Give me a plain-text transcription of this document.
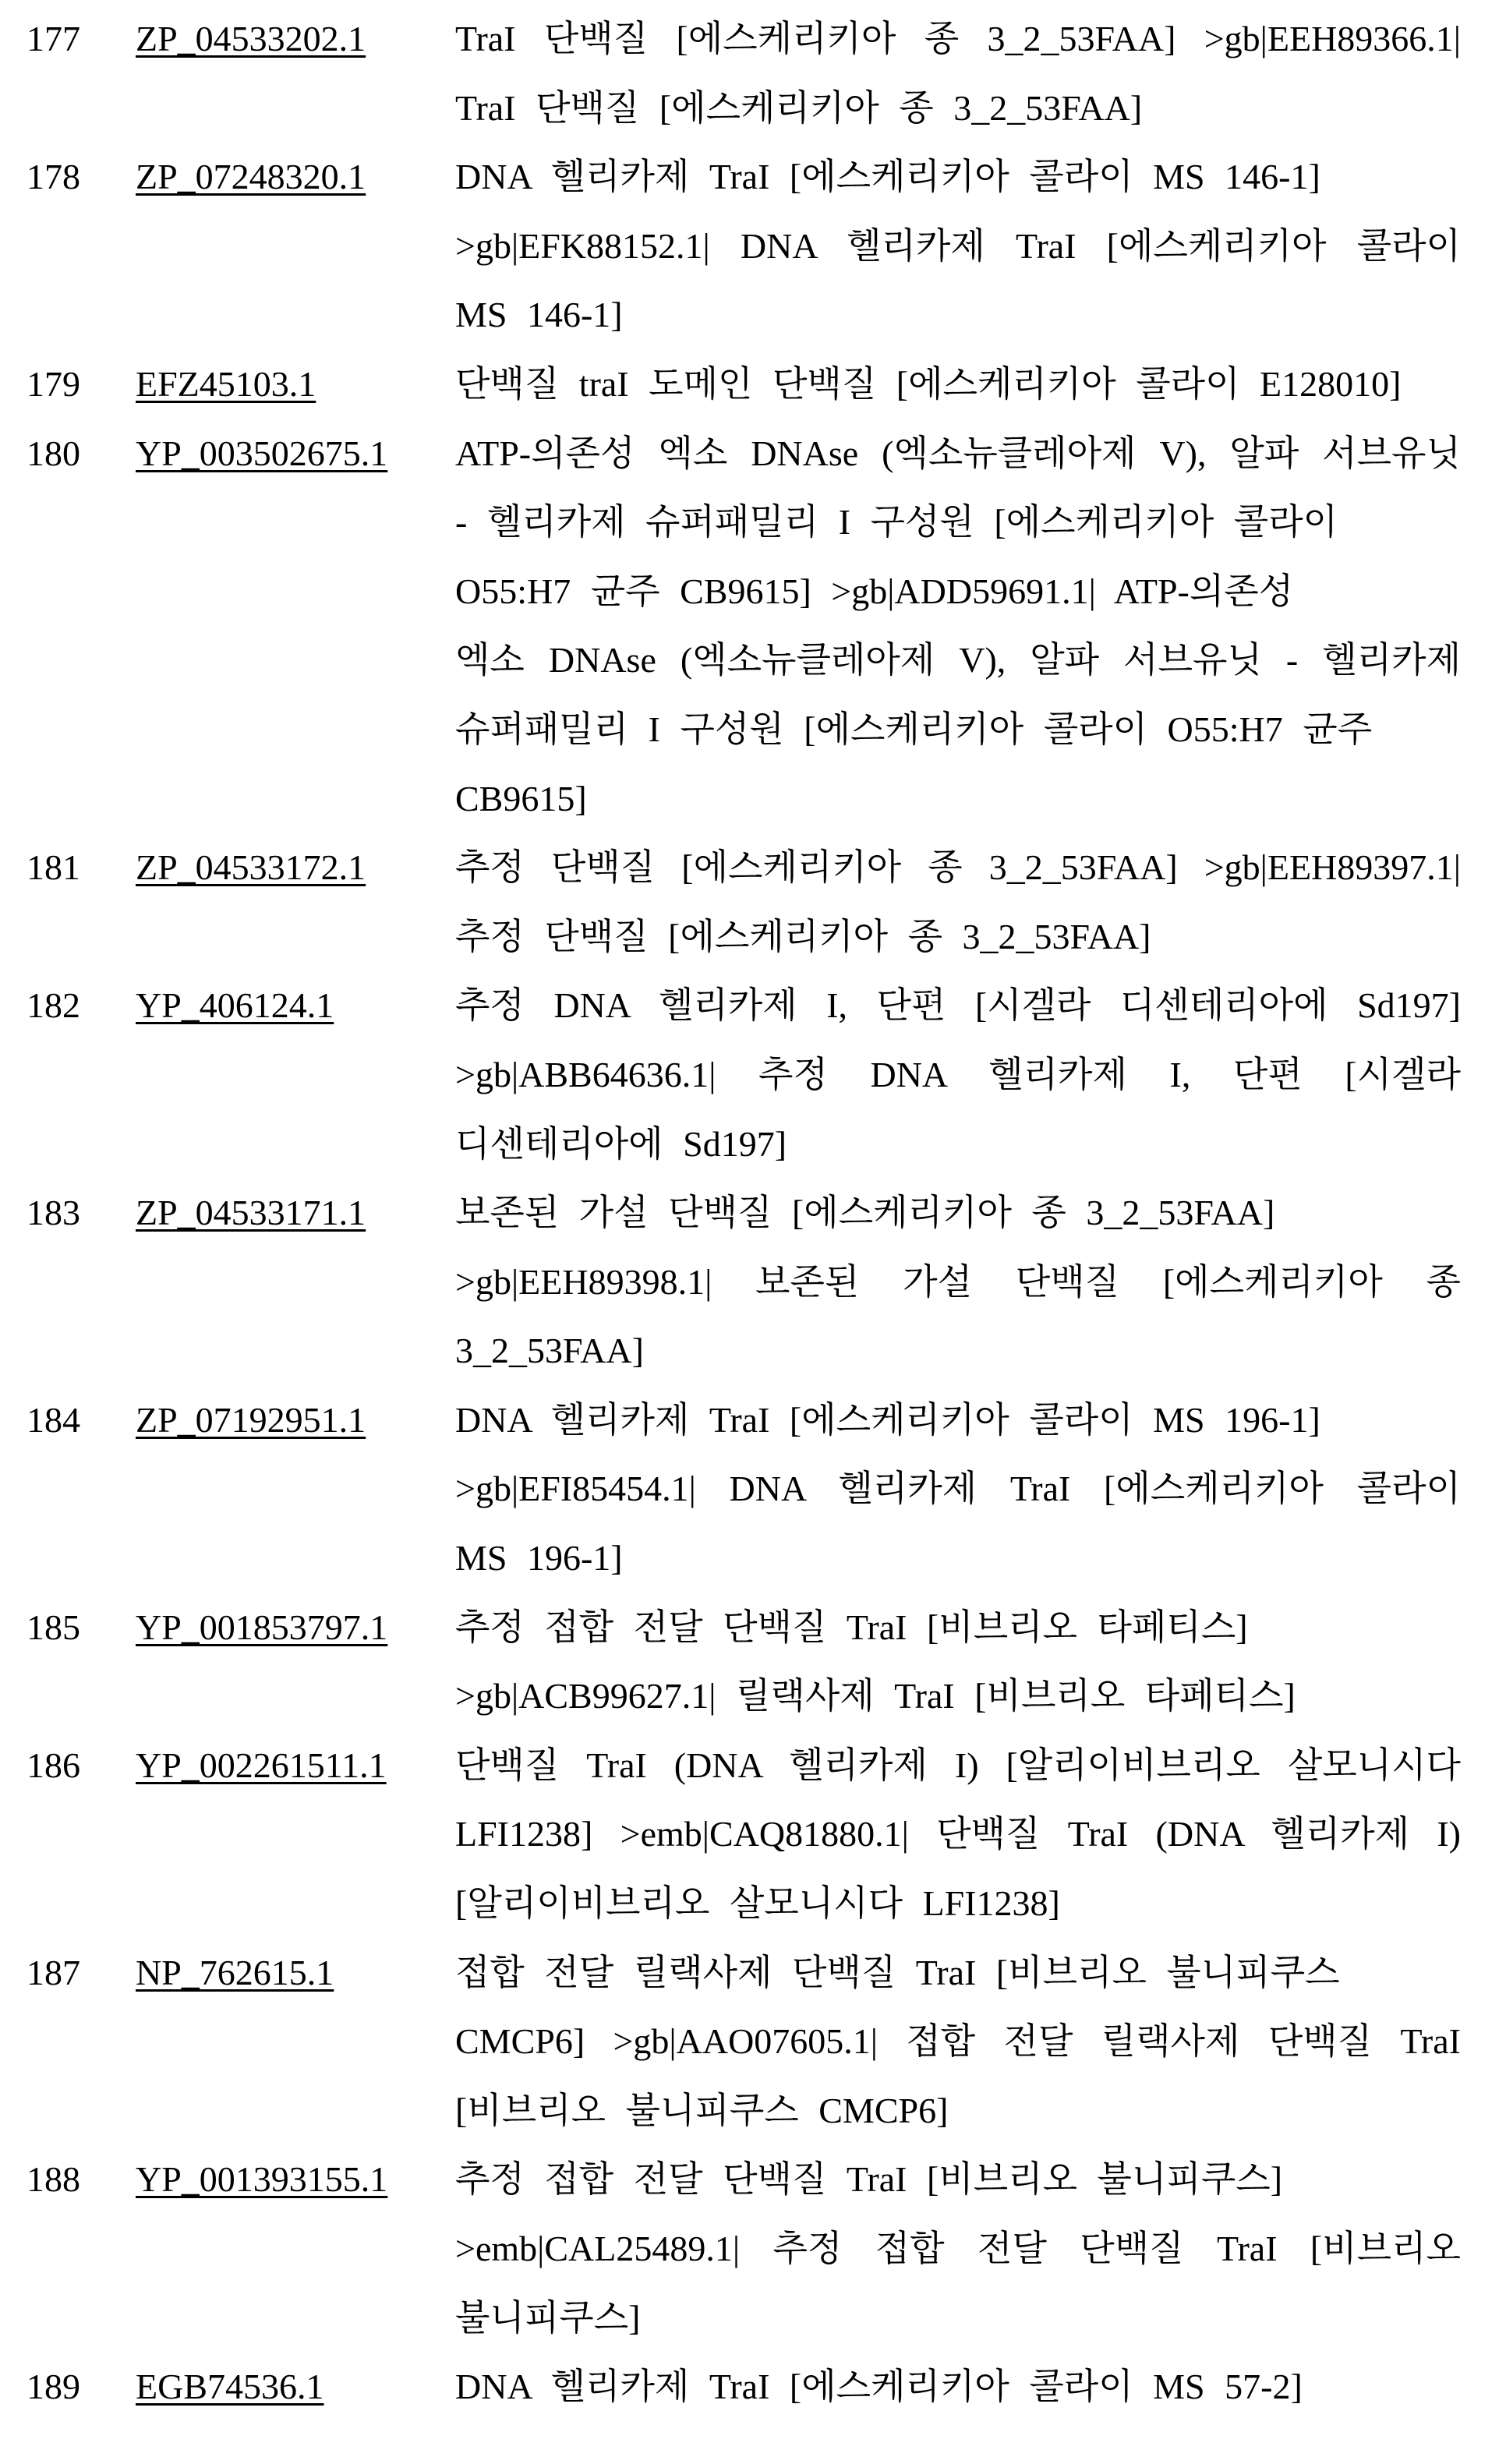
177 ZP_04533202.1 TraI 단백질 [에스케리키아 종 3_2_53FAA] >gb|EEH89366.1|
TraI 단백질 [에스케리키아 종 3_2_53FAA]
178 ZP_07248320.1 DNA 헬리카제 TraI [에스케리키아 콜라이 MS 146-1]
>gb|EFK88152.1| DNA 헬리카제 TraI [에스케리키아 콜라이
MS 146-1]
179 EFZ45103.1	단백질 traI 도메인 단백질 [에스케리키아 콜라이 E128010]
180 YP_003502675.1 ATP-의존성 엑소 DNAse (엑소뉴클레아제 V), 알파 서브유닛
- 헬리카제 슈퍼패밀리 I 구성원 [에스케리키아 콜라이
O55:H7 균주 CB9615] >gb|ADD59691.1| ATP-의존성
엑소 DNAse (엑소뉴클레아제 V), 알파 서브유닛 - 헬리카제
슈퍼패밀리 I 구성원 [에스케리키아 콜라이 O55:H7 균주
CB9615]
181 ZP_04533172.1 추정 단백질 [에스케리키아 종 3_2_53FAA] >gb|EEH89397.1|
추정 단백질 [에스케리키아 종 3_2_53FAA]
182 YP_406124.1	추정 DNA 헬리카제 I, 단편 [시겔라 디센테리아에 Sd197]
>gb|ABB64636.1| 추정 DNA 헬리카제 I, 단편 [시겔라
디센테리아에 Sd197]
183 ZP_04533171.1 보존된 가설 단백질 [에스케리키아 종 3_2_53FAA]
>gb|EEH89398.1| 보존된 가설 단백질 [에스케리키아 종
3_2_53FAA]
184 ZP_07192951.1 DNA 헬리카제 TraI [에스케리키아 콜라이 MS 196-1]
>gb|EFI85454.1| DNA 헬리카제 TraI [에스케리키아 콜라이
MS 196-1]
185 YP_001853797.1 추정 접합 전달 단백질 TraI [비브리오 타페티스]
>gb|ACB99627.1| 릴랙사제 TraI [비브리오 타페티스]
186 YP_002261511.1 단백질 TraI (DNA 헬리카제 I) [알리이비브리오 살모니시다
LFI1238] >emb|CAQ81880.1| 단백질 TraI (DNA 헬리카제 I)
[알리이비브리오 살모니시다 LFI1238]
187 NP_762615.1	접합 전달 릴랙사제 단백질 TraI [비브리오 불니피쿠스
CMCP6] >gb|AAO07605.1| 접합 전달 릴랙사제 단백질 TraI
[비브리오 불니피쿠스 CMCP6]
188 YP_001393155.1 추정 접합 전달 단백질 TraI [비브리오 불니피쿠스]
>emb|CAL25489.1| 추정 접합 전달 단백질 TraI [비브리오
불니피쿠스]
189 EGB74536.1	DNA 헬리카제 TraI [에스케리키아 콜라이 MS 57-2]
